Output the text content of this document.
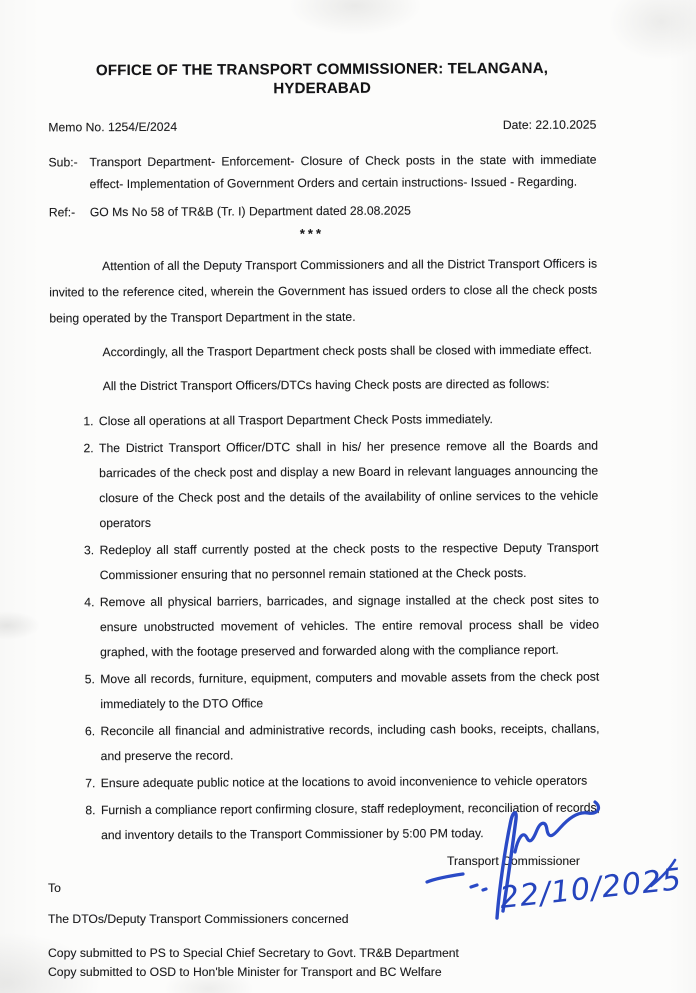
OFFICE OF THE TRANSPORT COMMISSIONER: TELANGANA, HYDERABAD
Memo No. 1254/E/2024	Date: 22.10.2025
Sub:- Transport Department- Enforcement- Closure of Check posts in the state with immediate effect- Implementation of Government Orders and certain instructions- Issued - Regarding.
Ref:-	GO Ms No 58 of TR&B (Tr. I) Department dated 28.08.2025
***

Attention of all the Deputy Transport Commissioners and all the District Transport Officers is invited to the reference cited, wherein the Government has issued orders to close all the check posts being operated by the Transport Department in the state.

Accordingly, all the Trasport Department check posts shall be closed with immediate effect.

All the District Transport Officers/DTCs having Check posts are directed as follows:

1. Close all operations at all Trasport Department Check Posts immediately.
2. The District Transport Officer/DTC shall in his/ her presence remove all the Boards and barricades of the check post and display a new Board in relevant languages announcing the closure of the Check post and the details of the availability of online services to the vehicle operators
3. Redeploy all staff currently posted at the check posts to the respective Deputy Transport Commissioner ensuring that no personnel remain stationed at the Check posts.
4. Remove all physical barriers, barricades, and signage installed at the check post sites to ensure unobstructed movement of vehicles. The entire removal process shall be video graphed, with the footage preserved and forwarded along with the compliance report.
5. Move all records, furniture, equipment, computers and movable assets from the check post immediately to the DTO Office
6. Reconcile all financial and administrative records, including cash books, receipts, challans, and preserve the record.
7. Ensure adequate public notice at the locations to avoid inconvenience to vehicle operators
8. Furnish a compliance report confirming closure, staff redeployment, reconciliation of records, and inventory details to the Transport Commissioner by 5:00 PM today.
Transport Commissioner
22/10/2025
To
The DTOs/Deputy Transport Commissioners concerned
Copy submitted to PS to Special Chief Secretary to Govt. TR&B Department
Copy submitted to OSD to Hon'ble Minister for Transport and BC Welfare
